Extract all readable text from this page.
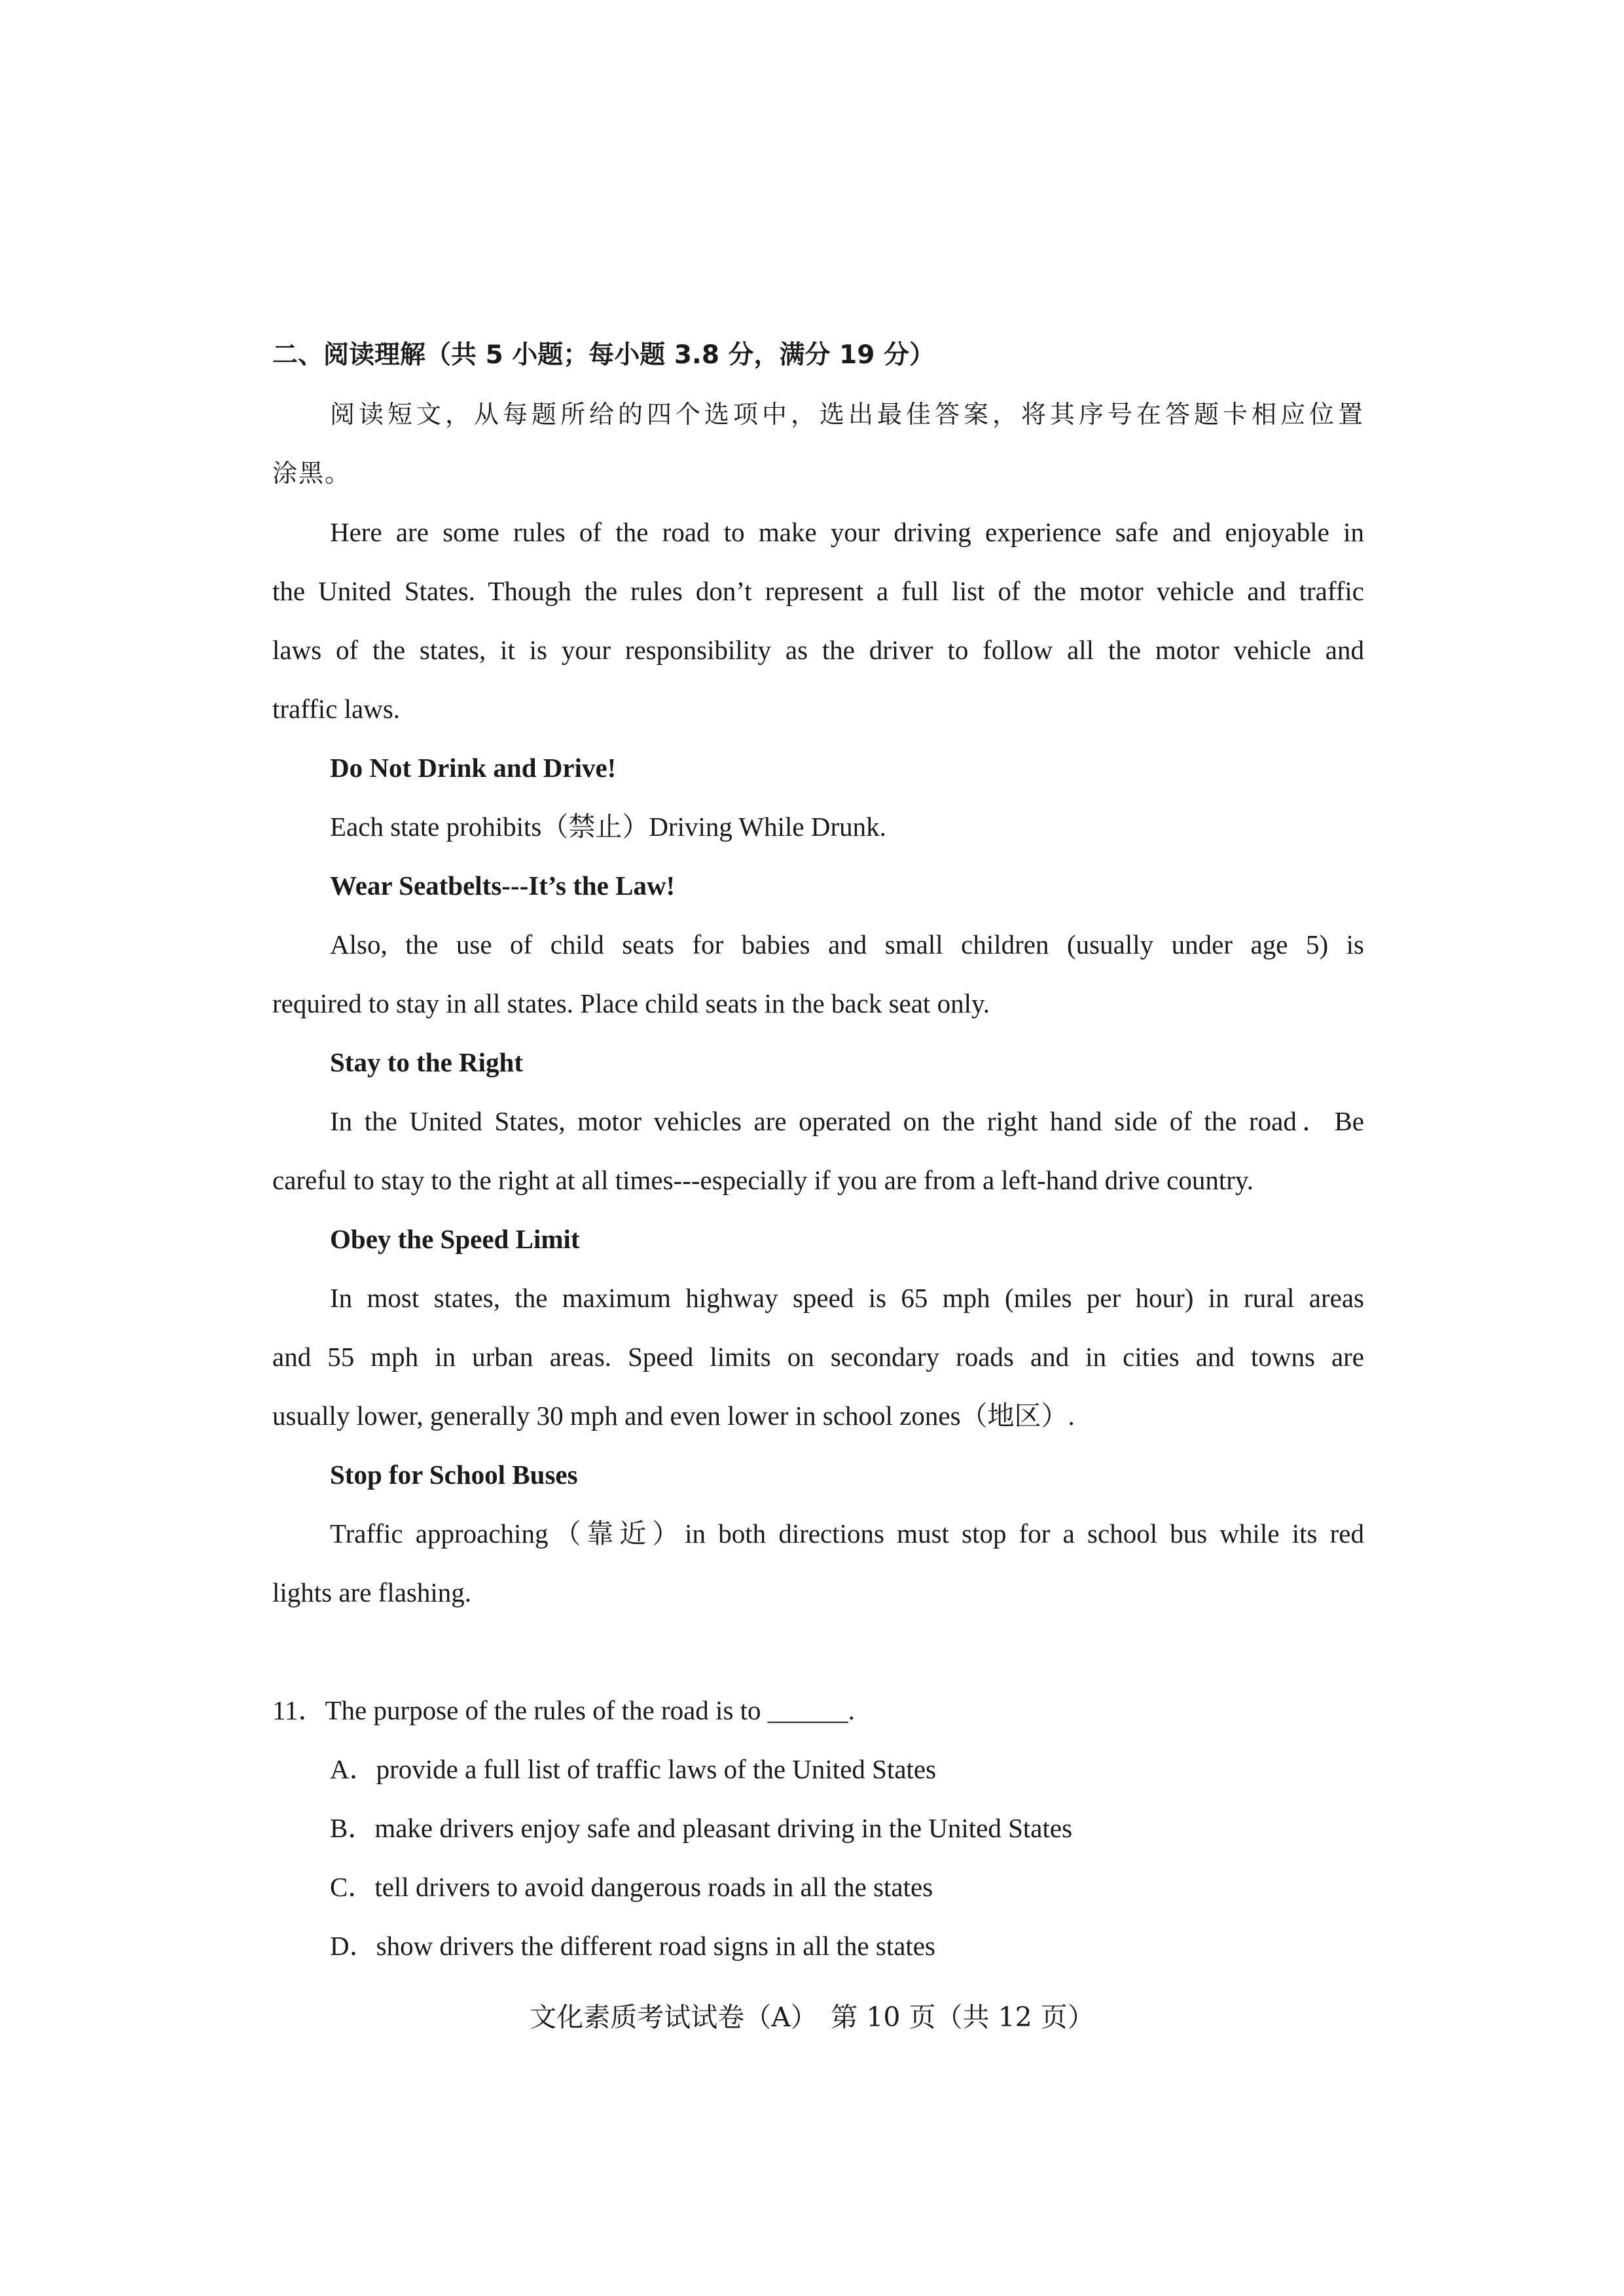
二、阅读理解（共 5 小题；每小题 3.8 分，满分 19 分）
阅读短文，从每题所给的四个选项中，选出最佳答案，将其序号在答题卡相应位置
涂黑。
Here are some rules of the road to make your driving experience safe and enjoyable in
the United States. Though the rules don’t represent a full list of the motor vehicle and traffic
laws of the states, it is your responsibility as the driver to follow all the motor vehicle and
traffic laws.
Do Not Drink and Drive!
Each state prohibits（禁止）Driving While Drunk.
Wear Seatbelts---It’s the Law!
Also, the use of child seats for babies and small children (usually under age 5) is
required to stay in all states. Place child seats in the back seat only.
Stay to the Right
In the United States, motor vehicles are operated on the right hand side of the road．Be
careful to stay to the right at all times---especially if you are from a left-hand drive country.
Obey the Speed Limit
In most states, the maximum highway speed is 65 mph (miles per hour) in rural areas
and 55 mph in urban areas. Speed limits on secondary roads and in cities and towns are
usually lower, generally 30 mph and even lower in school zones（地区）.
Stop for School Buses
Traffic approaching（靠近）in both directions must stop for a school bus while its red
lights are flashing.
11．The purpose of the rules of the road is to ______.
A．provide a full list of traffic laws of the United States
B．make drivers enjoy safe and pleasant driving in the United States
C．tell drivers to avoid dangerous roads in all the states
D．show drivers the different road signs in all the states
文化素质考试试卷（A）　第 10 页（共 12 页）
